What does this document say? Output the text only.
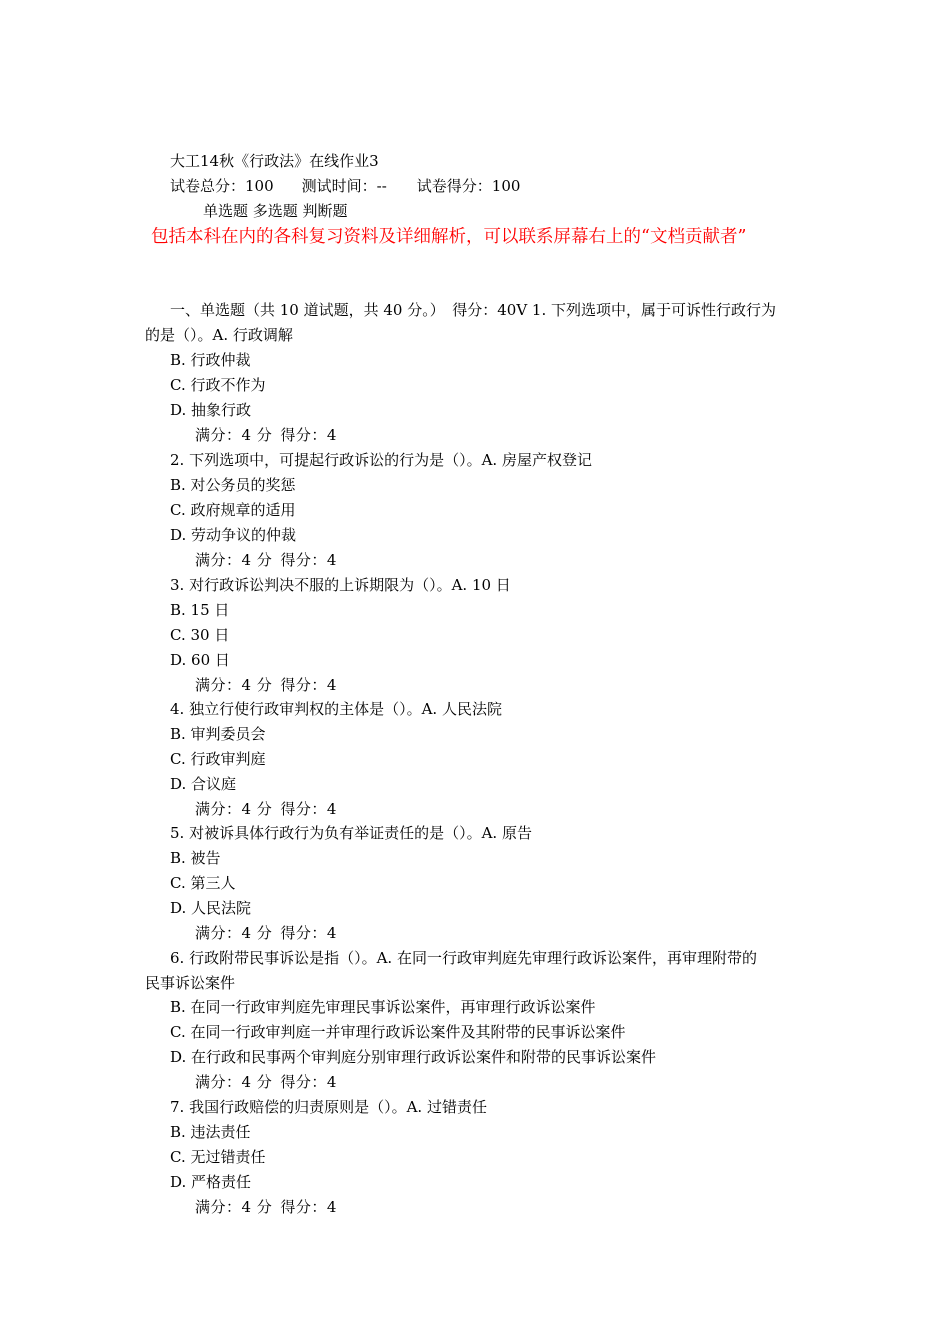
大工14秋《行政法》在线作业3
试卷总分：100 测试时间：-- 试卷得分：100
单选题 多选题 判断题
包括本科在内的各科复习资料及详细解析，可以联系屏幕右上的“文档贡献者”
一、单选题（共 10 道试题，共 40 分。）　得分：40V 1. 下列选项中，属于可诉性行政行为
的是（）。A. 行政调解
B. 行政仲裁
C. 行政不作为
D. 抽象行政
满分：4 分 得分：4
2. 下列选项中，可提起行政诉讼的行为是（）。A. 房屋产权登记
B. 对公务员的奖惩
C. 政府规章的适用
D. 劳动争议的仲裁
满分：4 分 得分：4
3. 对行政诉讼判决不服的上诉期限为（）。A. 10 日
B. 15 日
C. 30 日
D. 60 日
满分：4 分 得分：4
4. 独立行使行政审判权的主体是（）。A. 人民法院
B. 审判委员会
C. 行政审判庭
D. 合议庭
满分：4 分 得分：4
5. 对被诉具体行政行为负有举证责任的是（）。A. 原告
B. 被告
C. 第三人
D. 人民法院
满分：4 分 得分：4
6. 行政附带民事诉讼是指（）。A. 在同一行政审判庭先审理行政诉讼案件，再审理附带的
民事诉讼案件
B. 在同一行政审判庭先审理民事诉讼案件，再审理行政诉讼案件
C. 在同一行政审判庭一并审理行政诉讼案件及其附带的民事诉讼案件
D. 在行政和民事两个审判庭分别审理行政诉讼案件和附带的民事诉讼案件
满分：4 分 得分：4
7. 我国行政赔偿的归责原则是（）。A. 过错责任
B. 违法责任
C. 无过错责任
D. 严格责任
满分：4 分 得分：4
